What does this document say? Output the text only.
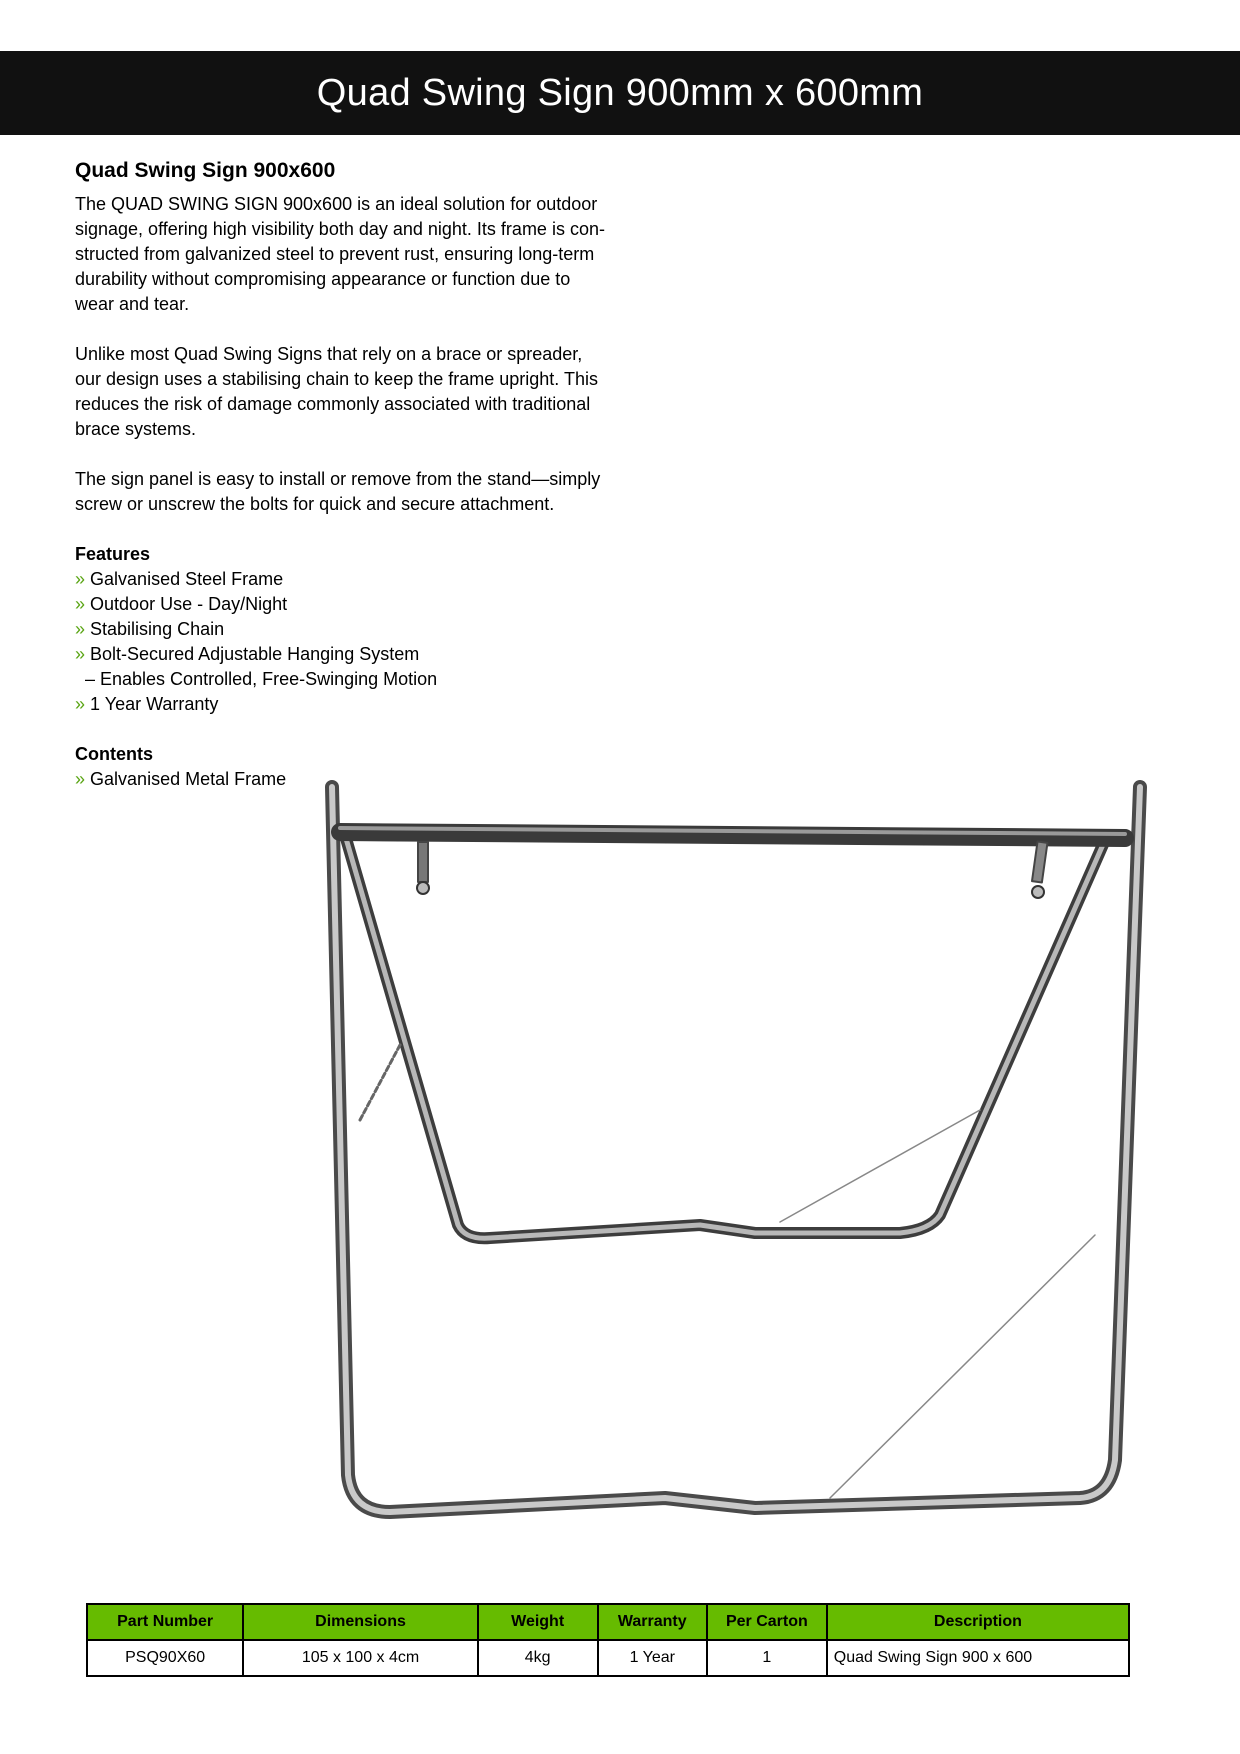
Quad Swing Sign 900mm x 600mm
Quad Swing Sign 900x600

The QUAD SWING SIGN 900x600 is an ideal solution for outdoor signage, offering high visibility both day and night. Its frame is con-structed from galvanized steel to prevent rust, ensuring long-term durability without compromising appearance or function due to wear and tear.

Unlike most Quad Swing Signs that rely on a brace or spreader, our design uses a stabilising chain to keep the frame upright. This reduces the risk of damage commonly associated with traditional brace systems.

The sign panel is easy to install or remove from the stand—simply screw or unscrew the bolts for quick and secure attachment.

Features
» Galvanised Steel Frame
» Outdoor Use - Day/Night
» Stabilising Chain
» Bolt-Secured Adjustable Hanging System
– Enables Controlled, Free-Swinging Motion
» 1 Year Warranty
Contents
» Galvanised Metal Frame
Part Number	Dimensions	Weight	Warranty	Per Carton	Description
PSQ90X60	105 x 100 x 4cm	4kg	1 Year	1	Quad Swing Sign 900 x 600
